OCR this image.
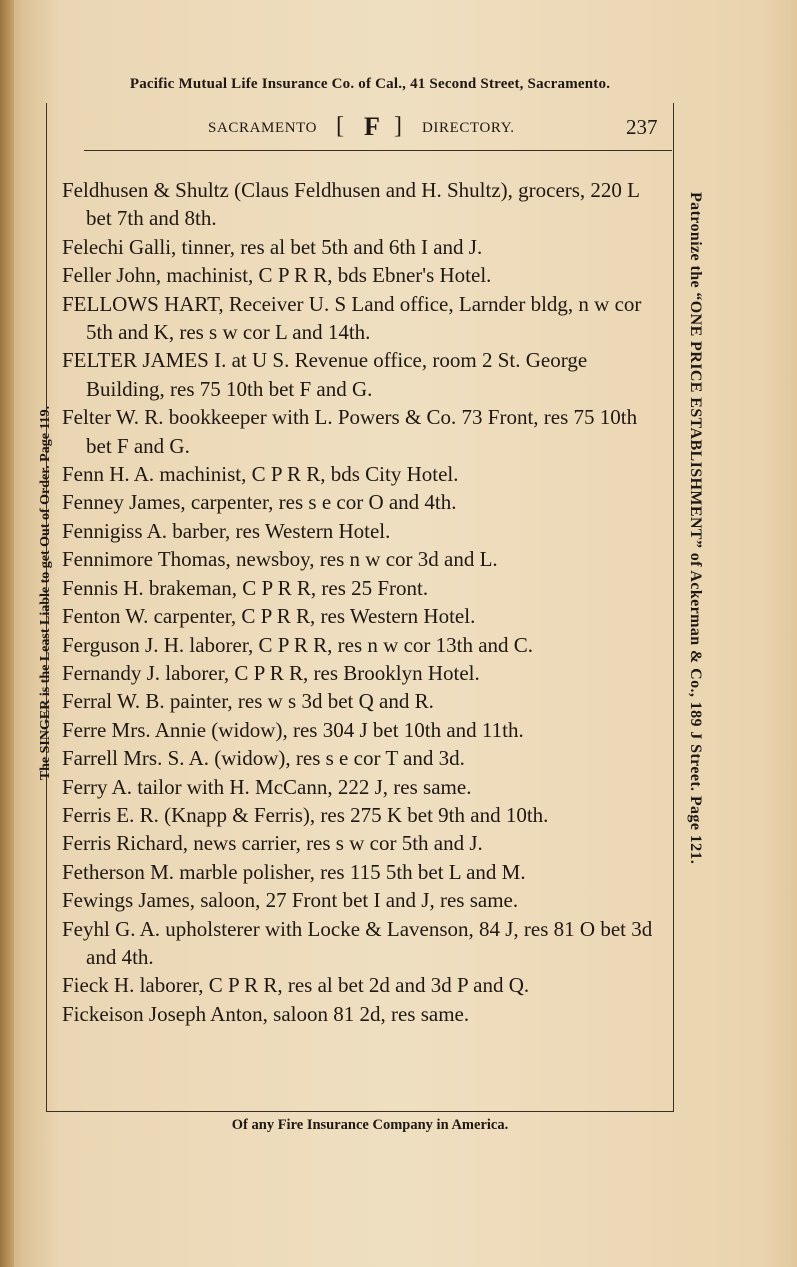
Pacific Mutual Life Insurance Co. of Cal., 41 Second Street, Sacramento.
SACRAMENTO [ F ] DIRECTORY.	237
Feldhusen & Shultz (Claus Feldhusen and H. Shultz), grocers, 220 L bet 7th and 8th.
Felechi Galli, tinner, res al bet 5th and 6th I and J.
Feller John, machinist, C P R R, bds Ebner's Hotel.
FELLOWS HART, Receiver U. S Land office, Larnder bldg, n w cor 5th and K, res s w cor L and 14th.
FELTER JAMES I. at U S. Revenue office, room 2 St. George Building, res 75 10th bet F and G.
Felter W. R. bookkeeper with L. Powers & Co. 73 Front, res 75 10th bet F and G.
Fenn H. A. machinist, C P R R, bds City Hotel.
Fenney James, carpenter, res s e cor O and 4th.
Fennigiss A. barber, res Western Hotel.
Fennimore Thomas, newsboy, res n w cor 3d and L.
Fennis H. brakeman, C P R R, res 25 Front.
Fenton W. carpenter, C P R R, res Western Hotel.
Ferguson J. H. laborer, C P R R, res n w cor 13th and C.
Fernandy J. laborer, C P R R, res Brooklyn Hotel.
Ferral W. B. painter, res w s 3d bet Q and R.
Ferre Mrs. Annie (widow), res 304 J bet 10th and 11th.
Farrell Mrs. S. A. (widow), res s e cor T and 3d.
Ferry A. tailor with H. McCann, 222 J, res same.
Ferris E. R. (Knapp & Ferris), res 275 K bet 9th and 10th.
Ferris Richard, news carrier, res s w cor 5th and J.
Fetherson M. marble polisher, res 115 5th bet L and M.
Fewings James, saloon, 27 Front bet I and J, res same.
Feyhl G. A. upholsterer with Locke & Lavenson, 84 J, res 81 O bet 3d and 4th.
Fieck H. laborer, C P R R, res al bet 2d and 3d P and Q.
Fickeison Joseph Anton, saloon 81 2d, res same.
Of any Fire Insurance Company in America.
The SINGER is the Least Liable to get Out of Order. Page 119.	Patronize the “ONE PRICE ESTABLISHMENT” of Ackerman & Co., 189 J Street. Page 121.
